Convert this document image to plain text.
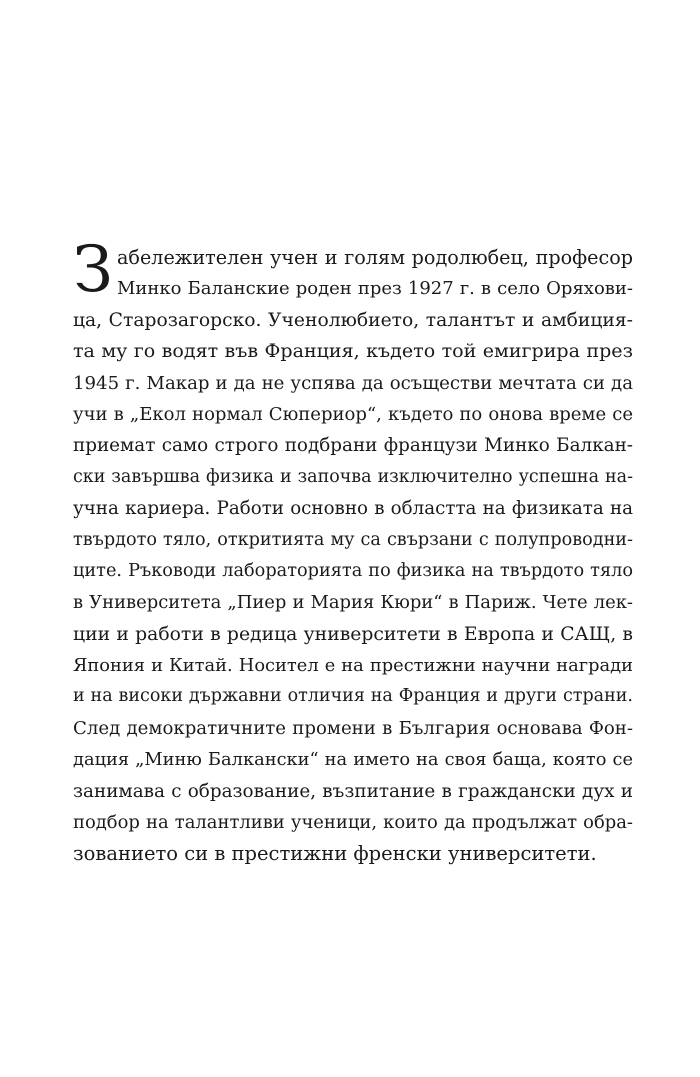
З абележителен учен и голям родолюбец, професор
Минко Баланскиe роден през 1927 г. в село Оряхови-
ца, Старозагорско. Ученолюбието, талантът и амбиция-
та му го водят във Франция, където той емигрира през
1945 г. Макар и да не успява да осъществи мечтата си да
учи в „Екол нормал Сюпериор“, където по онова време се
приемат само строго подбрани французи Минко Балкан-
ски завършва физика и започва изключително успешна на-
учна кариера. Работи основно в областта на физиката на
твърдото тяло, откритията му са свързани с полупроводни-
ците. Ръководи лабораторията по физика на твърдото тяло
в Университета „Пиер и Мария Кюри“ в Париж. Чете лек-
ции и работи в редица университети в Европа и САЩ, в
Япония и Китай. Носител е на престижни научни награди
и на високи държавни отличия на Франция и други страни.
След демократичните промени в България основава Фон-
дация „Миню Балкански“ на името на своя баща, която се
занимава с образование, възпитание в граждански дух и
подбор на талантливи ученици, които да продължат обра-
зованието си в престижни френски университети.
